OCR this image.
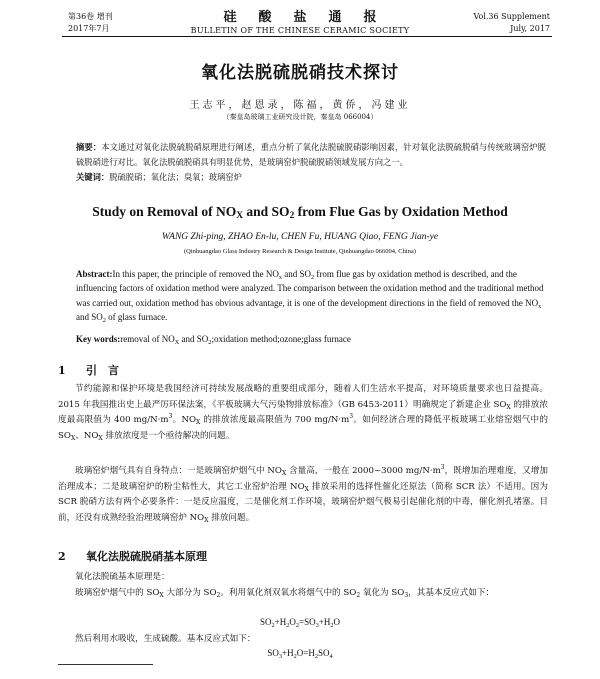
第36卷 增刊
2017年7月
硅酸盐通报
BULLETIN OF THE CHINESE CERAMIC SOCIETY
Vol.36 Supplement
July, 2017
氧化法脱硫脱硝技术探讨
王志平，赵恩录，陈福，黄侨，冯建业
（秦皇岛玻璃工业研究设计院，秦皇岛 066004）
摘要：本文通过对氧化法脱硫脱硝原理进行阐述，重点分析了氧化法脱硫脱硝影响因素，针对氧化法脱硫脱硝与传统玻璃窑炉脱硫脱硝进行对比。氧化法脱硫脱硝具有明显优势，是玻璃窑炉脱硫脱硝领域发展方向之一。
关键词：脱硫脱硝；氧化法；臭氧；玻璃窑炉
Study on Removal of $NO_X$ and $SO_2$ from Flue Gas by Oxidation Method
WANG Zhi-ping, ZHAO En-lu, CHEN Fu, HUANG Qiao, FENG Jian-ye
(Qinhuangdao Glass Industry Research & Design Institute, Qinhuangdao 066004, China)
Abstract:In this paper, the principle of removed the $NO_x$ and $SO_2$ from flue gas by oxidation method is described, and the influencing factors of oxidation method were analyzed. The comparison between the oxidation method and the traditional method was carried out, oxidation method has obvious advantage, it is one of the development directions in the field of removed the $NO_x$ and $SO_2$ of glass furnace.
Key words:removal of $NO_X$ and $SO_2;oxidation$ method;ozone;glass furnace
1 引　言
节约能源和保护环境是我国经济可持续发展战略的重要组成部分，随着人们生活水平提高，对环境质量要求也日益提高。2015 年我国推出史上最严厉环保法案，《平板玻璃大气污染物排放标准》（GB 6453-2011）明确规定了新建企业 $SO_X$ 的排放浓度最高限值为 400 $mg/N\cdot m^3$。$NO_X$ 的排放浓度最高限值为 700 $mg/N\cdot m^3$。如何经济合理的降低平板玻璃工业熔窑烟气中的 $SO_X$、$NO_X$ 排放浓度是一个亟待解决的问题。
玻璃窑炉烟气具有自身特点：一是玻璃窑炉烟气中 $NO_X$ 含量高，一般在 2000~3000 $mg/N\cdot m^3$，既增加治理难度，又增加治理成本；二是玻璃窑炉的粉尘粘性大，其它工业窑炉治理 $NO_X$ 排放采用的选择性催化还原法（简称 SCR 法）不适用。因为 SCR 脱硝方法有两个必要条件：一是反应温度，二是催化剂工作环境，玻璃窑炉烟气极易引起催化剂的中毒，催化剂孔堵塞。目前，还没有成熟经验治理玻璃窑炉 $NO_X$ 排放问题。
2 氧化法脱硫脱硝基本原理
氧化法脱硫基本原理是：
玻璃窑炉烟气中的 $SO_X$ 大部分为 $SO_2$。利用氧化剂双氧水将烟气中的 $SO_2$ 氧化为 $SO_3$，其基本反应式如下：
$SO_2+H_2O_2=SO_3+H_2O$
然后利用水吸收，生成硫酸。基本反应式如下：
$SO_3+H_2O=H_2SO_4$
